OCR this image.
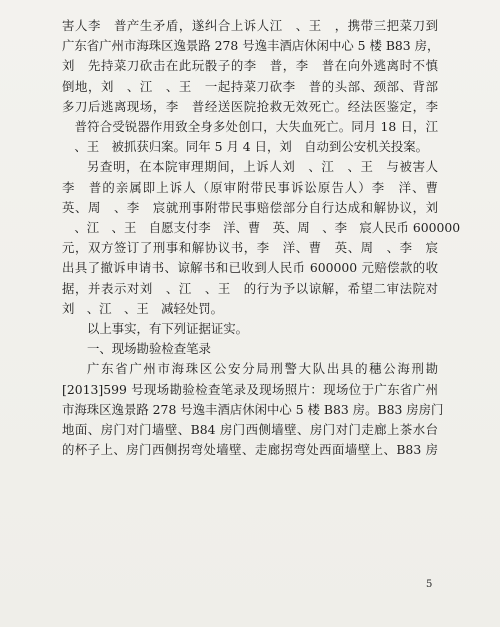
害人李　普产生矛盾，遂纠合上诉人江　、王　，携带三把菜刀到
广东省广州市海珠区逸景路 278 号逸丰酒店休闲中心 5 楼 B83 房，
刘　先持菜刀砍击在此玩骰子的李　普，李　普在向外逃离时不慎
倒地，刘　、江　、王　一起持菜刀砍李　普的头部、颈部、背部
多刀后逃离现场，李　普经送医院抢救无效死亡。经法医鉴定，李
　普符合受锐器作用致全身多处创口，大失血死亡。同月 18 日，江
　、王　被抓获归案。同年 5 月 4 日，刘　自动到公安机关投案。
另查明，在本院审理期间，上诉人刘　、江　、王　与被害人
李　普的亲属即上诉人（原审附带民事诉讼原告人）李　洋、曹
英、周　、李　宸就刑事附带民事赔偿部分自行达成和解协议，刘
　、江　、王　自愿支付李　洋、曹　英、周　、李　宸人民币 600000
元，双方签订了刑事和解协议书，李　洋、曹　英、周　、李　宸
出具了撤诉申请书、谅解书和已收到人民币 600000 元赔偿款的收
据，并表示对刘　、江　、王　的行为予以谅解，希望二审法院对
刘　、江　、王　减轻处罚。
以上事实，有下列证据证实。
一、现场勘验检查笔录
广东省广州市海珠区公安分局刑警大队出具的穗公海刑勘
[2013]599 号现场勘验检查笔录及现场照片：现场位于广东省广州
市海珠区逸景路 278 号逸丰酒店休闲中心 5 楼 B83 房。B83 房房门
地面、房门对门墙壁、B84 房门西侧墙壁、房门对门走廊上茶水台
的杯子上、房门西侧拐弯处墙壁、走廊拐弯处西面墙壁上、B83 房
5
